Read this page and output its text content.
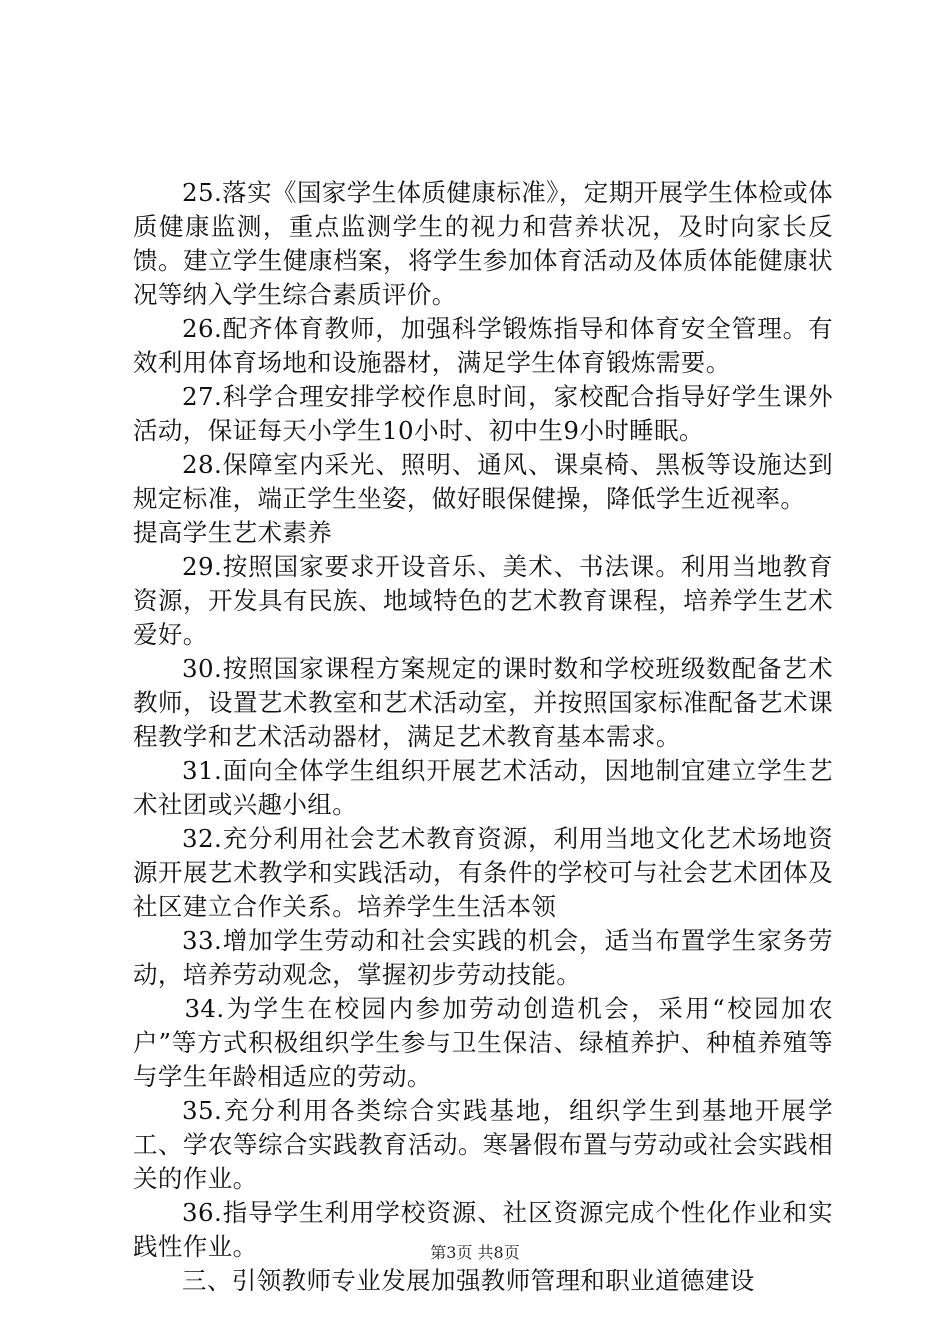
25.落实《国家学生体质健康标准》，定期开展学生体检或体质健康监测，重点监测学生的视力和营养状况，及时向家长反馈。建立学生健康档案，将学生参加体育活动及体质体能健康状况等纳入学生综合素质评价。

26.配齐体育教师，加强科学锻炼指导和体育安全管理。有效利用体育场地和设施器材，满足学生体育锻炼需要。

27.科学合理安排学校作息时间，家校配合指导好学生课外活动，保证每天小学生10小时、初中生9小时睡眠。

28.保障室内采光、照明、通风、课桌椅、黑板等设施达到规定标准，端正学生坐姿，做好眼保健操，降低学生近视率。

提高学生艺术素养

29.按照国家要求开设音乐、美术、书法课。利用当地教育资源，开发具有民族、地域特色的艺术教育课程，培养学生艺术爱好。

30.按照国家课程方案规定的课时数和学校班级数配备艺术教师，设置艺术教室和艺术活动室，并按照国家标准配备艺术课程教学和艺术活动器材，满足艺术教育基本需求。

31.面向全体学生组织开展艺术活动，因地制宜建立学生艺术社团或兴趣小组。

32.充分利用社会艺术教育资源，利用当地文化艺术场地资源开展艺术教学和实践活动，有条件的学校可与社会艺术团体及社区建立合作关系。培养学生生活本领

33.增加学生劳动和社会实践的机会，适当布置学生家务劳动，培养劳动观念，掌握初步劳动技能。

34.为学生在校园内参加劳动创造机会，采用“校园加农户”等方式积极组织学生参与卫生保洁、绿植养护、种植养殖等与学生年龄相适应的劳动。

35.充分利用各类综合实践基地，组织学生到基地开展学工、学农等综合实践教育活动。寒暑假布置与劳动或社会实践相关的作业。

36.指导学生利用学校资源、社区资源完成个性化作业和实践性作业。

三、引领教师专业发展加强教师管理和职业道德建设

第3页 共8页
